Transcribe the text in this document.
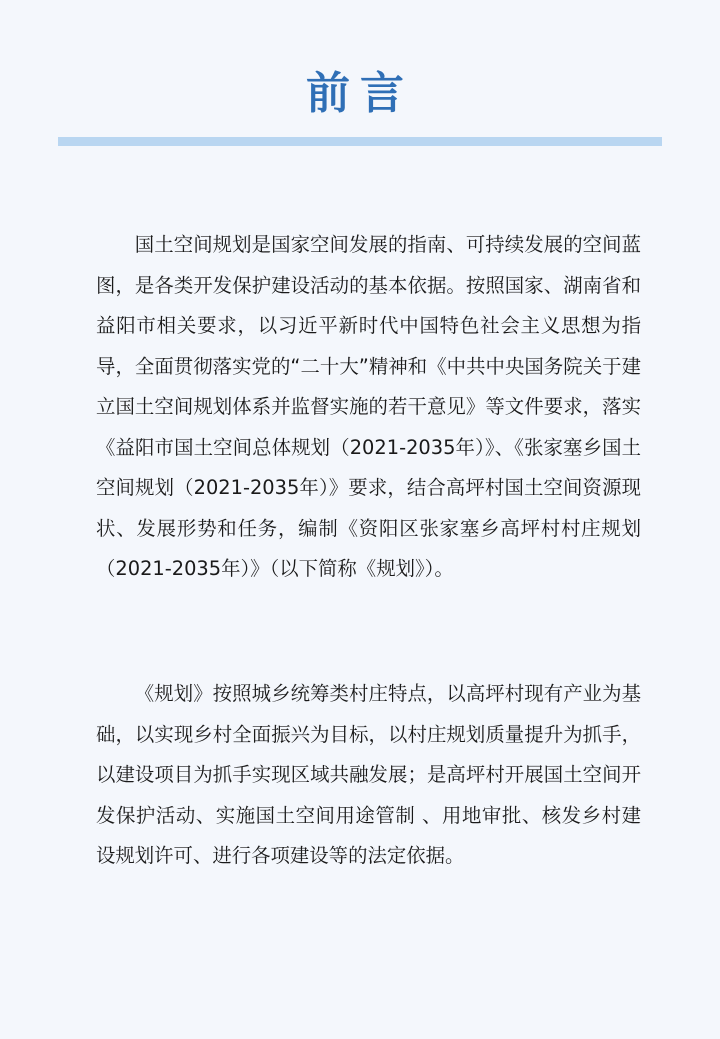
前言

国土空间规划是国家空间发展的指南、可持续发展的空间蓝图，是各类开发保护建设活动的基本依据。按照国家、湖南省和益阳市相关要求，以习近平新时代中国特色社会主义思想为指导，全面贯彻落实党的“二十大”精神和《中共中央国务院关于建立国土空间规划体系并监督实施的若干意见》等文件要求，落实《益阳市国土空间总体规划（2021-2035年）》、《张家塞乡国土空间规划（2021-2035年）》要求，结合高坪村国土空间资源现状、发展形势和任务，编制《资阳区张家塞乡高坪村村庄规划（2021-2035年）》（以下简称《规划》）。

《规划》按照城乡统筹类村庄特点，以高坪村现有产业为基础，以实现乡村全面振兴为目标，以村庄规划质量提升为抓手，以建设项目为抓手实现区域共融发展；是高坪村开展国土空间开发保护活动、实施国土空间用途管制 、用地审批、核发乡村建设规划许可、进行各项建设等的法定依据。
